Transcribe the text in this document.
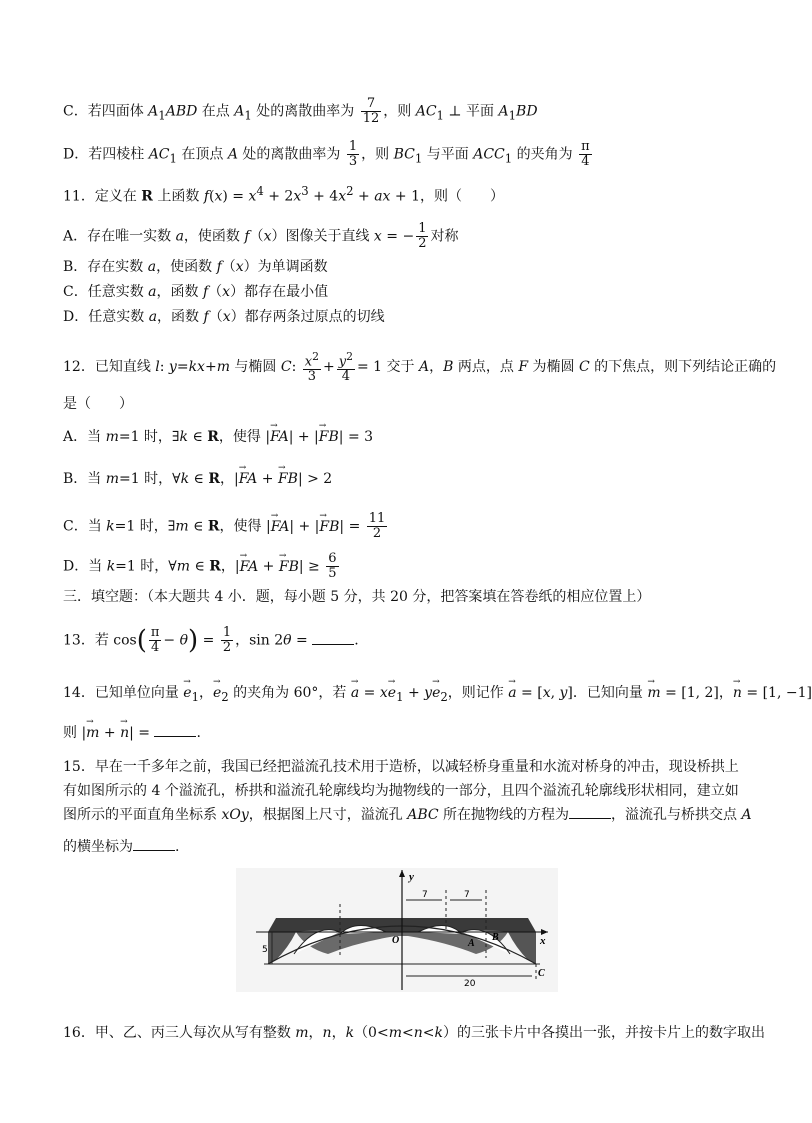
C．若四面体 $A_1ABD$ 在点 $A_1$ 处的离散曲率为 $\frac{7}{12}$ ，则 $AC_1$ ⊥ 平面 $A_1BD$
D．若四棱柱 $AC_1$ 在顶点 A 处的离散曲率为 $\frac{1}{3}$ ，则 $BC_1$ 与平面 $ACC_1$ 的夹角为 $\frac{\pi}{4}$
11．定义在 R 上函数 $f(x) = x^4 + 2x^3 + 4x^2$ + ax + 1，则（　　）
A．存在唯一实数 a，使函数 f（x）图像关于直线 x = − $\frac{1}{2}$ 对称
B．存在实数 a，使函数 f（x）为单调函数
C．任意实数 a，函数 f（x）都存在最小值
D．任意实数 a，函数 f（x）都存两条过原点的切线
12．已知直线 l: y=kx+m 与椭圆 C: $\frac{x^2}{3} + \frac{y^2}{4} = 1$ 交于 A，B 两点，点 F 为椭圆 C 的下焦点，则下列结论正确的
是（　　）
A．当 m=1 时，∃k ∈ R，使得 |→ FA| + |→ FB| = 3
B．当 m=1 时，∀k ∈ R，|→ FA + → FB| > 2
C．当 k=1 时，∃m ∈ R，使得 |→ FA| + |→ $FB| = \frac{11}{2}$
D．当 k=1 时，∀m ∈ R，|→ FA + → $FB| \ge \frac{6}{5}$
三．填空题：（本大题共 4 小．题，每小题 5 分，共 20 分，把答案填在答卷纸的相应位置上）
13．若 $\cos( \frac{\pi}{4} - \theta) = \frac{1}{2}$ ，sin 2θ =	.
14．已知单位向量 → $e_1$，→ $e_2$ 的夹角为 60°，若 → $a = x\to e_1 + y\to e_2$，则记作 → a = [x, y]．已知向量 → m = [1, 2]，→ n = [1, −1]
则 |→ m + → n| =	.
15．早在一千多年之前，我国已经把溢流孔技术用于造桥，以减轻桥身重量和水流对桥身的冲击，现设桥拱上
有如图所示的 4 个溢流孔，桥拱和溢流孔轮廓线均为抛物线的一部分，且四个溢流孔轮廓线形状相同，建立如
图所示的平面直角坐标系 xOy，根据图上尺寸，溢流孔 ABC 所在抛物线的方程为	，溢流孔与桥拱交点 A
的横坐标为	.
y
x
O	A
B
C
7	7
20
5
16．甲、乙、丙三人每次从写有整数 m，n，k（0<m<n<k）的三张卡片中各摸出一张，并按卡片上的数字取出
